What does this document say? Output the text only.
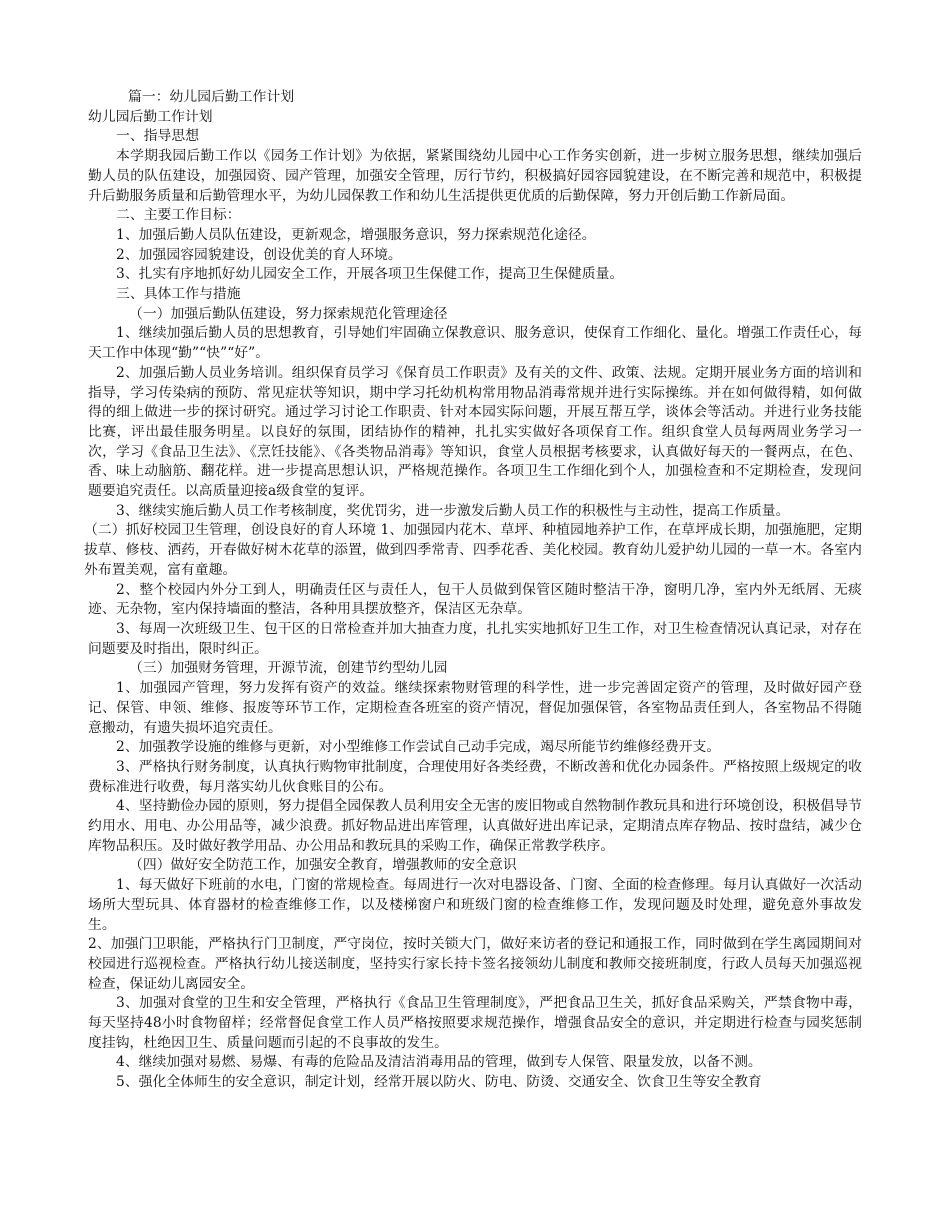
篇一：幼儿园后勤工作计划

幼儿园后勤工作计划

一、指导思想

本学期我园后勤工作以《园务工作计划》为依据，紧紧围绕幼儿园中心工作务实创新，进一步树立服务思想，继续加强后勤人员的队伍建设，加强园资、园产管理，加强安全管理，厉行节约，积极搞好园容园貌建设，在不断完善和规范中，积极提升后勤服务质量和后勤管理水平，为幼儿园保教工作和幼儿生活提供更优质的后勤保障，努力开创后勤工作新局面。

二、主要工作目标：

1、加强后勤人员队伍建设，更新观念，增强服务意识，努力探索规范化途径。

2、加强园容园貌建设，创设优美的育人环境。

3、扎实有序地抓好幼儿园安全工作，开展各项卫生保健工作，提高卫生保健质量。

三、具体工作与措施

（一）加强后勤队伍建设，努力探索规范化管理途径

1、继续加强后勤人员的思想教育，引导她们牢固确立保教意识、服务意识，使保育工作细化、量化。增强工作责任心，每天工作中体现“勤”“快”“好”。

2、加强后勤人员业务培训。组织保育员学习《保育员工作职责》及有关的文件、政策、法规。定期开展业务方面的培训和指导，学习传染病的预防、常见症状等知识，期中学习托幼机构常用物品消毒常规并进行实际操练。并在如何做得精，如何做得的细上做进一步的探讨研究。通过学习讨论工作职责、针对本园实际问题，开展互帮互学，谈体会等活动。并进行业务技能比赛，评出最佳服务明星。以良好的氛围，团结协作的精神，扎扎实实做好各项保育工作。组织食堂人员每两周业务学习一次，学习《食品卫生法》、《烹饪技能》、《各类物品消毒》等知识，食堂人员根据考核要求，认真做好每天的一餐两点，在色、香、味上动脑筋、翻花样。进一步提高思想认识，严格规范操作。各项卫生工作细化到个人，加强检查和不定期检查，发现问题要追究责任。以高质量迎接a级食堂的复评。

3、继续实施后勤人员工作考核制度，奖优罚劣，进一步激发后勤人员工作的积极性与主动性，提高工作质量。

（二）抓好校园卫生管理，创设良好的育人环境 1、加强园内花木、草坪、种植园地养护工作，在草坪成长期，加强施肥，定期拔草、修枝、洒药，开春做好树木花草的添置，做到四季常青、四季花香、美化校园。教育幼儿爱护幼儿园的一草一木。各室内外布置美观，富有童趣。

2、整个校园内外分工到人，明确责任区与责任人，包干人员做到保管区随时整洁干净，窗明几净，室内外无纸屑、无痰迹、无杂物，室内保持墙面的整洁，各种用具摆放整齐，保洁区无杂草。

3、每周一次班级卫生、包干区的日常检查并加大抽查力度，扎扎实实地抓好卫生工作，对卫生检查情况认真记录，对存在问题要及时指出，限时纠正。

（三）加强财务管理，开源节流，创建节约型幼儿园

1、加强园产管理，努力发挥有资产的效益。继续探索物财管理的科学性，进一步完善固定资产的管理，及时做好园产登记、保管、申领、维修、报废等环节工作，定期检查各班室的资产情况，督促加强保管，各室物品责任到人，各室物品不得随意搬动，有遗失损坏追究责任。

2、加强教学设施的维修与更新，对小型维修工作尝试自己动手完成，竭尽所能节约维修经费开支。

3、严格执行财务制度，认真执行购物审批制度，合理使用好各类经费，不断改善和优化办园条件。严格按照上级规定的收费标准进行收费，每月落实幼儿伙食账目的公布。

4、坚持勤俭办园的原则，努力提倡全园保教人员利用安全无害的废旧物或自然物制作教玩具和进行环境创设，积极倡导节约用水、用电、办公用品等，减少浪费。抓好物品进出库管理，认真做好进出库记录，定期清点库存物品、按时盘结，减少仓库物品积压。及时做好教学用品、办公用品和教玩具的采购工作，确保正常教学秩序。

（四）做好安全防范工作，加强安全教育，增强教师的安全意识

1、每天做好下班前的水电，门窗的常规检查。每周进行一次对电器设备、门窗、全面的检查修理。每月认真做好一次活动场所大型玩具、体育器材的检查维修工作，以及楼梯窗户和班级门窗的检查维修工作，发现问题及时处理，避免意外事故发生。

2、加强门卫职能，严格执行门卫制度，严守岗位，按时关锁大门，做好来访者的登记和通报工作，同时做到在学生离园期间对校园进行巡视检查。严格执行幼儿接送制度，坚持实行家长持卡签名接领幼儿制度和教师交接班制度，行政人员每天加强巡视检查，保证幼儿离园安全。

3、加强对食堂的卫生和安全管理，严格执行《食品卫生管理制度》，严把食品卫生关，抓好食品采购关，严禁食物中毒，每天坚持48小时食物留样；经常督促食堂工作人员严格按照要求规范操作，增强食品安全的意识，并定期进行检查与园奖惩制度挂钩，杜绝因卫生、质量问题而引起的不良事故的发生。

4、继续加强对易燃、易爆、有毒的危险品及清洁消毒用品的管理，做到专人保管、限量发放，以备不测。

5、强化全体师生的安全意识，制定计划，经常开展以防火、防电、防烫、交通安全、饮食卫生等安全教育
